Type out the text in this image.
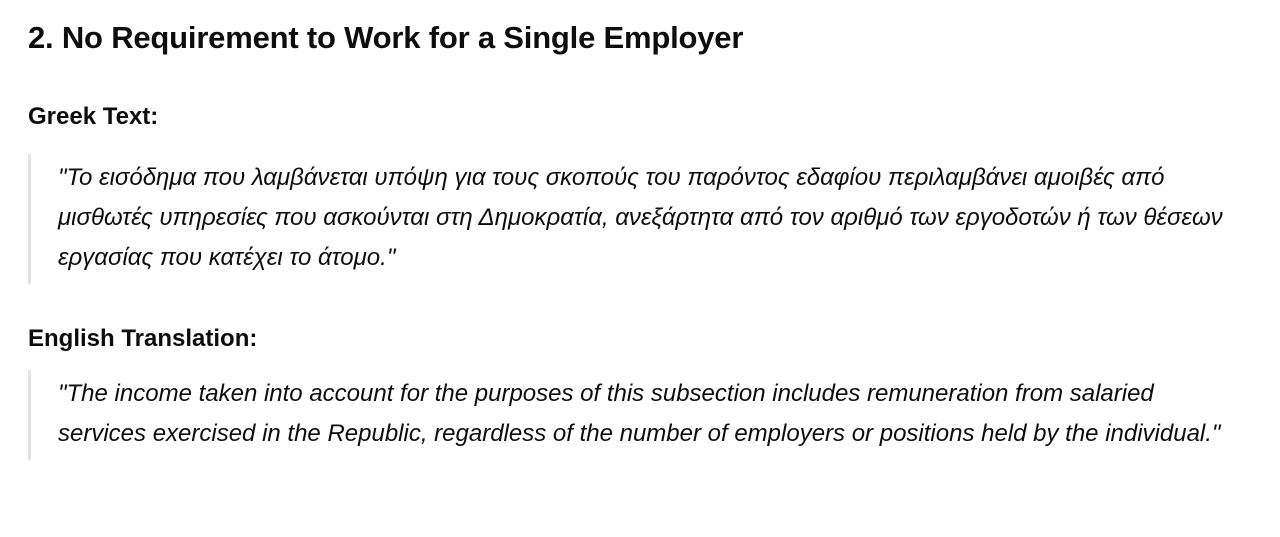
2. No Requirement to Work for a Single Employer
Greek Text:

"Το εισόδημα που λαμβάνεται υπόψη για τους σκοπούς του παρόντος εδαφίου περιλαμβάνει αμοιβές από μισθωτές υπηρεσίες που ασκούνται στη Δημοκρατία, ανεξάρτητα από τον αριθμό των εργοδοτών ή των θέσεων εργασίας που κατέχει το άτομο."

English Translation:

"The income taken into account for the purposes of this subsection includes remuneration from salaried services exercised in the Republic, regardless of the number of employers or positions held by the individual."
